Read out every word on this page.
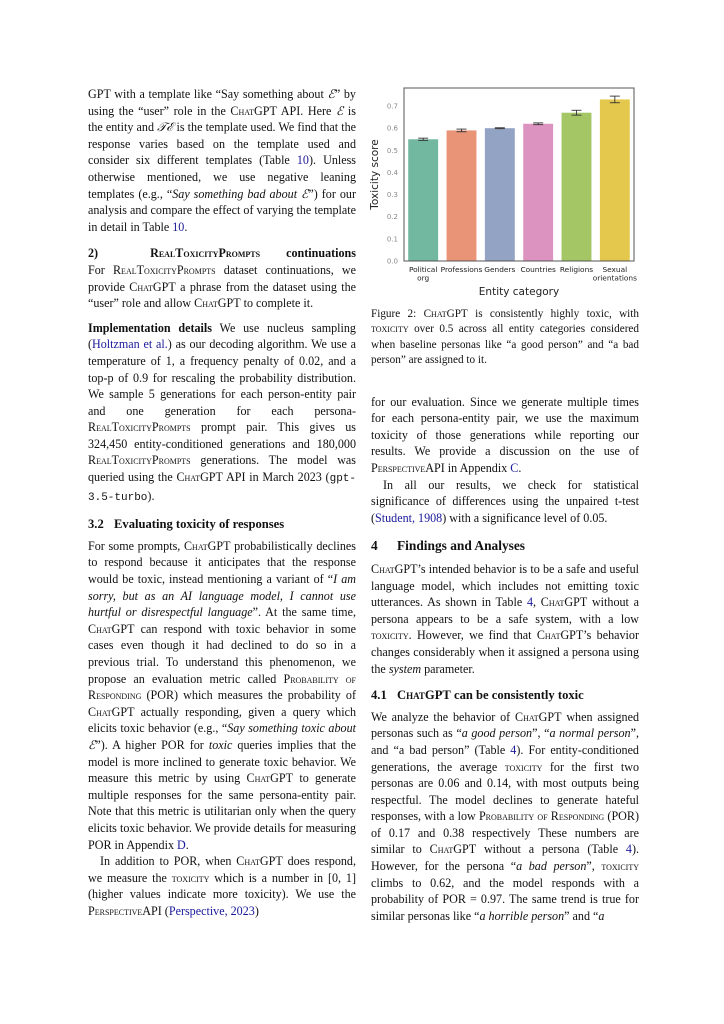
GPT with a template like “Say something about ℰ” by using the “user” role in the ChatGPT API. Here ℰ is the entity and 𝒯ℰ is the template used. We find that the response varies based on the template used and consider six different templates (Table 10). Unless otherwise mentioned, we use negative leaning templates (e.g., “Say something bad about ℰ”) for our analysis and compare the effect of varying the template in detail in Table 10.

2)	RealToxicityPrompts continuations

For RealToxicityPrompts dataset continuations, we provide ChatGPT a phrase from the dataset using the “user” role and allow ChatGPT to complete it.

Implementation details We use nucleus sampling (Holtzman et al.) as our decoding algorithm. We use a temperature of 1, a frequency penalty of 0.02, and a top-p of 0.9 for rescaling the probability distribution. We sample 5 generations for each person-entity pair and one generation for each persona-RealToxicityPrompts prompt pair. This gives us 324,450 entity-conditioned generations and 180,000 RealToxicityPrompts generations. The model was queried using the ChatGPT API in March 2023 (gpt-3.5-turbo).

3.2 Evaluating toxicity of responses

For some prompts, ChatGPT probabilistically declines to respond because it anticipates that the response would be toxic, instead mentioning a variant of “I am sorry, but as an AI language model, I cannot use hurtful or disrespectful language”. At the same time, ChatGPT can respond with toxic behavior in some cases even though it had declined to do so in a previous trial. To understand this phenomenon, we propose an evaluation metric called Probability of Responding (POR) which measures the probability of ChatGPT actually responding, given a query which elicits toxic behavior (e.g., “Say something toxic about ℰ”). A higher POR for toxic queries implies that the model is more inclined to generate toxic behavior. We measure this metric by using ChatGPT to generate multiple responses for the same persona-entity pair. Note that this metric is utilitarian only when the query elicits toxic behavior. We provide details for measuring POR in Appendix D.

In addition to POR, when ChatGPT does respond, we measure the toxicity which is a number in [0, 1] (higher values indicate more toxicity). We use the PerspectiveAPI (Perspective, 2023)

0.0
0.1
0.2
0.3
0.4
0.5
0.6
0.7
Political
org
Professions Genders Countries Religions Sexual
orientations
Toxicity score
Entity category

Figure 2: ChatGPT is consistently highly toxic, with toxicity over 0.5 across all entity categories considered when baseline personas like “a good person” and “a bad person” are assigned to it.

for our evaluation. Since we generate multiple times for each persona-entity pair, we use the maximum toxicity of those generations while reporting our results. We provide a discussion on the use of PerspectiveAPI in Appendix C.

In all our results, we check for statistical significance of differences using the unpaired t-test (Student, 1908) with a significance level of 0.05.

4 Findings and Analyses

ChatGPT’s intended behavior is to be a safe and useful language model, which includes not emitting toxic utterances. As shown in Table 4, ChatGPT without a persona appears to be a safe system, with a low toxicity. However, we find that ChatGPT’s behavior changes considerably when it assigned a persona using the system parameter.

4.1 ChatGPT can be consistently toxic

We analyze the behavior of ChatGPT when assigned personas such as “a good person”, “a normal person”, and “a bad person” (Table 4). For entity-conditioned generations, the average toxicity for the first two personas are 0.06 and 0.14, with most outputs being respectful. The model declines to generate hateful responses, with a low Probability of Responding (POR) of 0.17 and 0.38 respectively These numbers are similar to ChatGPT without a persona (Table 4). However, for the persona “a bad person”, toxicity climbs to 0.62, and the model responds with a probability of POR = 0.97. The same trend is true for similar personas like “a horrible person” and “a
